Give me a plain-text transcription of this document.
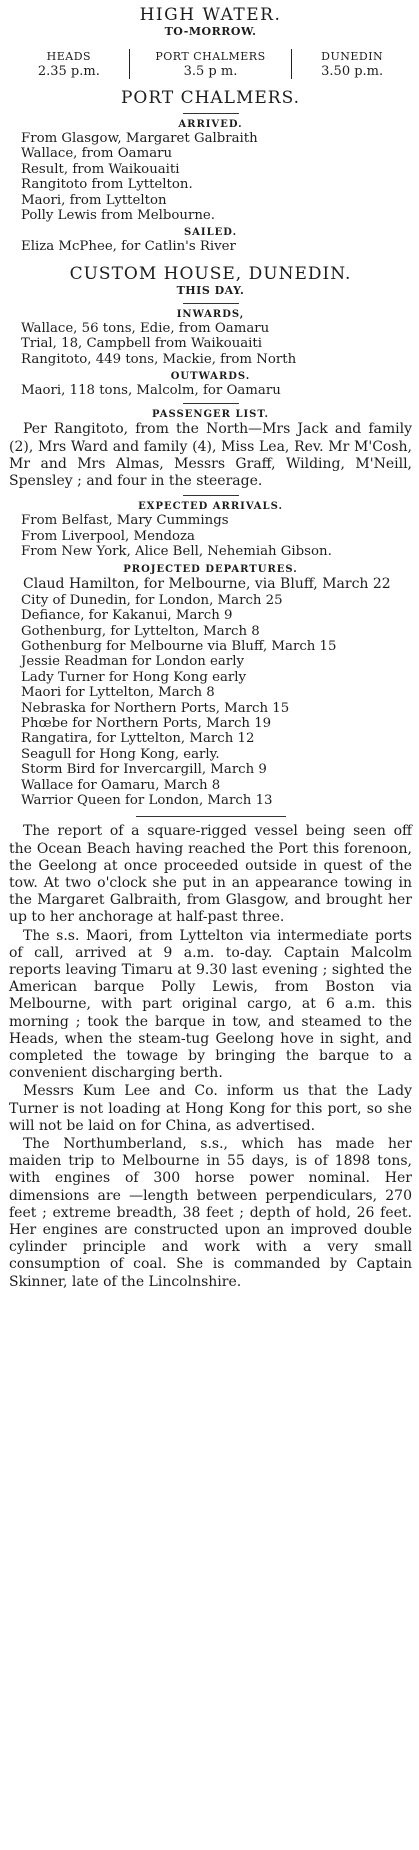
HIGH WATER.
TO-MORROW.
HEADS
2.35 p.m.
PORT CHALMERS
3.5 p m.
DUNEDIN
3.50 p.m.
PORT CHALMERS.
ARRIVED.
From Glasgow, Margaret Galbraith
Wallace, from Oamaru
Result, from Waikouaiti
Rangitoto from Lyttelton.
Maori, from Lyttelton
Polly Lewis from Melbourne.
SAILED.
Eliza McPhee, for Catlin's River
CUSTOM HOUSE, DUNEDIN.
THIS DAY.
INWARDS,
Wallace, 56 tons, Edie, from Oamaru
Trial, 18, Campbell from Waikouaiti
Rangitoto, 449 tons, Mackie, from North
OUTWARDS.
Maori, 118 tons, Malcolm, for Oamaru
PASSENGER LIST.

Per Rangitoto, from the North—Mrs Jack and family (2), Mrs Ward and family (4), Miss Lea, Rev. Mr M'Cosh, Mr and Mrs Almas, Messrs Graff, Wilding, M'Neill, Spensley ; and four in the steerage.

EXPECTED ARRIVALS.
From Belfast, Mary Cummings
From Liverpool, Mendoza
From New York, Alice Bell, Nehemiah Gibson.
PROJECTED DEPARTURES.

Claud Hamilton, for Melbourne, via Bluff, March 22

City of Dunedin, for London, March 25
Defiance, for Kakanui, March 9
Gothenburg, for Lyttelton, March 8
Gothenburg for Melbourne via Bluff, March 15
Jessie Readman for London early
Lady Turner for Hong Kong early
Maori for Lyttelton, March 8
Nebraska for Northern Ports, March 15
Phœbe for Northern Ports, March 19
Rangatira, for Lyttelton, March 12
Seagull for Hong Kong, early.
Storm Bird for Invercargill, March 9
Wallace for Oamaru, March 8
Warrior Queen for London, March 13

The report of a square-rigged vessel being seen off the Ocean Beach having reached the Port this forenoon, the Geelong at once proceeded outside in quest of the tow. At two o'clock she put in an appearance towing in the Margaret Galbraith, from Glasgow, and brought her up to her anchorage at half-past three.

The s.s. Maori, from Lyttelton via intermediate ports of call, arrived at 9 a.m. to-day. Captain Malcolm reports leaving Timaru at 9.30 last evening ; sighted the American barque Polly Lewis, from Boston via Melbourne, with part original cargo, at 6 a.m. this morning ; took the barque in tow, and steamed to the Heads, when the steam-tug Geelong hove in sight, and completed the towage by bringing the barque to a convenient discharging berth.

Messrs Kum Lee and Co. inform us that the Lady Turner is not loading at Hong Kong for this port, so she will not be laid on for China, as advertised.

The Northumberland, s.s., which has made her maiden trip to Melbourne in 55 days, is of 1898 tons, with engines of 300 horse power nominal. Her dimensions are —length between perpendiculars, 270 feet ; extreme breadth, 38 feet ; depth of hold, 26 feet. Her engines are constructed upon an improved double cylinder principle and work with a very small consumption of coal. She is commanded by Captain Skinner, late of the Lincolnshire.
